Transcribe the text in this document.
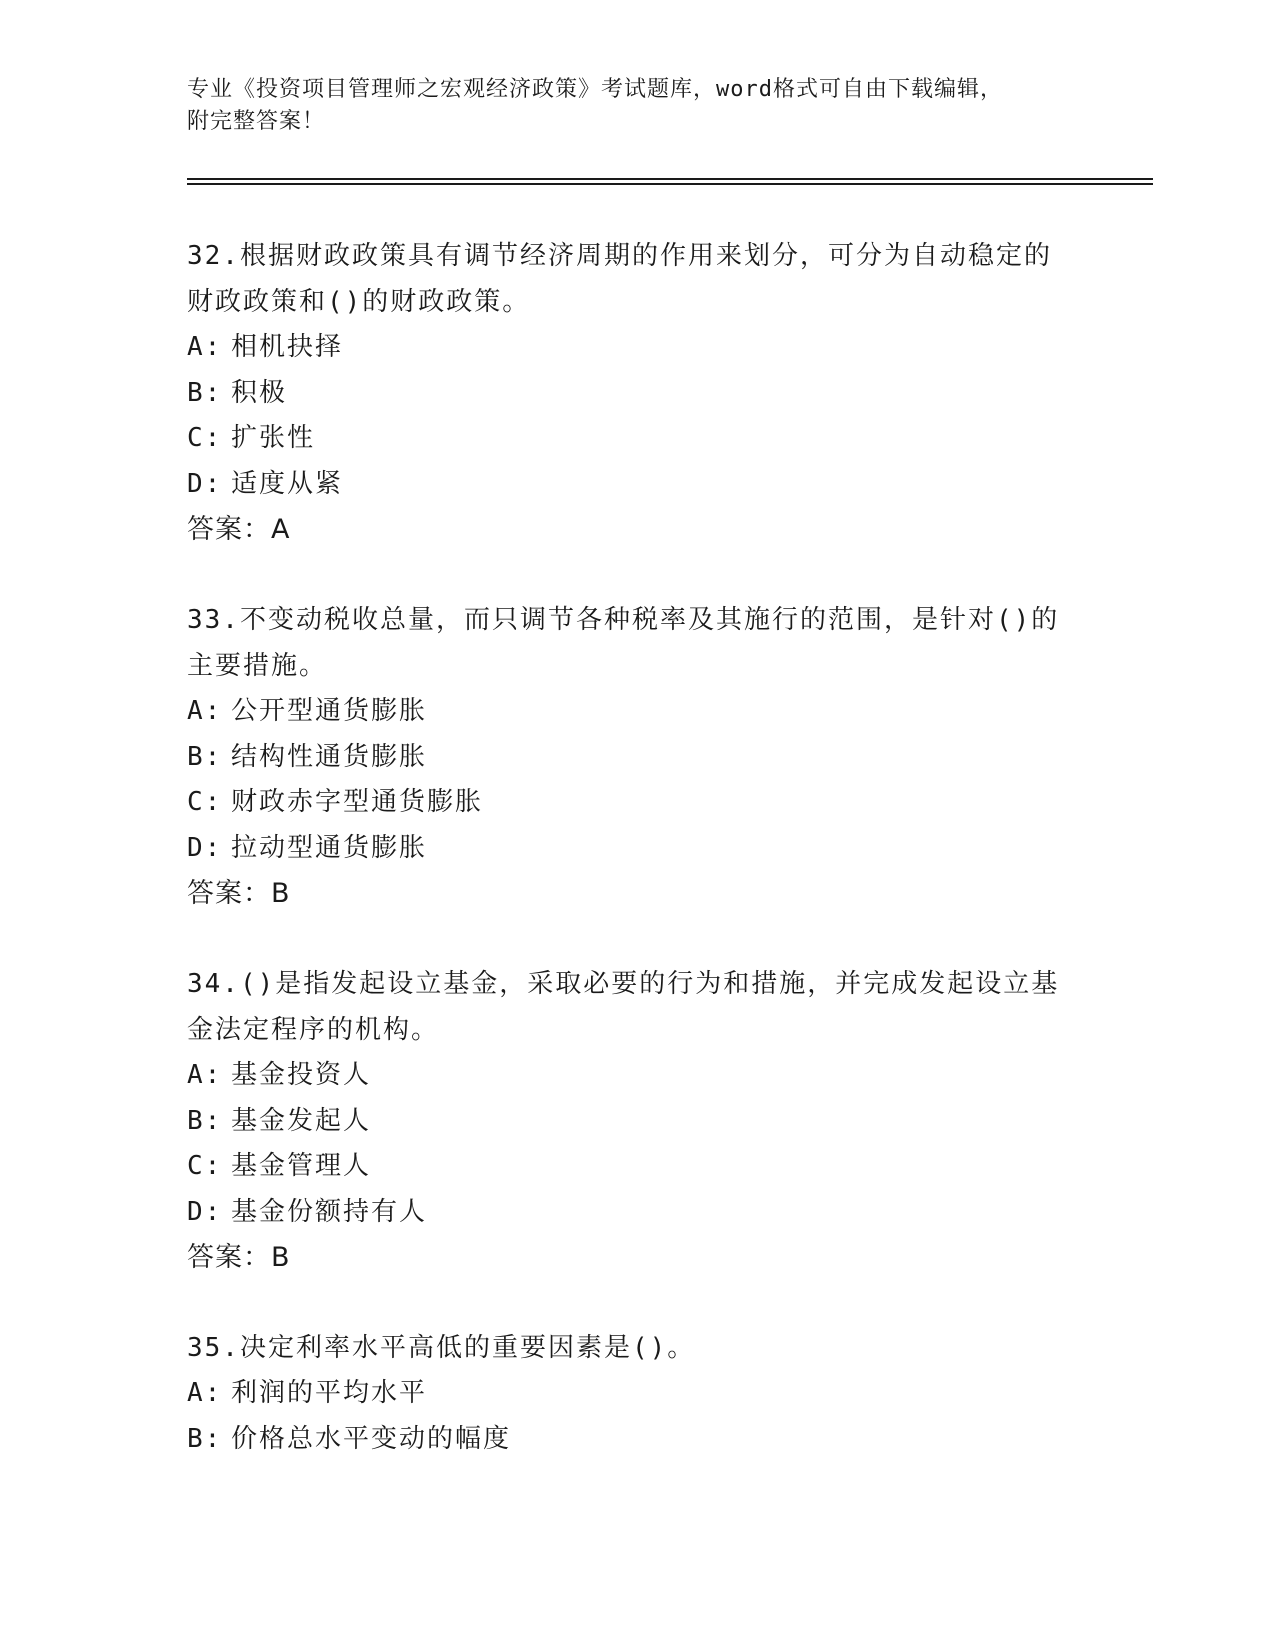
专业《投资项目管理师之宏观经济政策》考试题库，word格式可自由下载编辑，
附完整答案！

32.根据财政政策具有调节经济周期的作用来划分，可分为自动稳定的

财政政策和()的财政政策。

A: 相机抉择

B: 积极

C: 扩张性

D: 适度从紧

答案：A

33.不变动税收总量，而只调节各种税率及其施行的范围，是针对()的

主要措施。

A: 公开型通货膨胀

B: 结构性通货膨胀

C: 财政赤字型通货膨胀

D: 拉动型通货膨胀

答案：B

34.()是指发起设立基金，采取必要的行为和措施，并完成发起设立基

金法定程序的机构。

A: 基金投资人

B: 基金发起人

C: 基金管理人

D: 基金份额持有人

答案：B

35.决定利率水平高低的重要因素是()。

A: 利润的平均水平

B: 价格总水平变动的幅度
